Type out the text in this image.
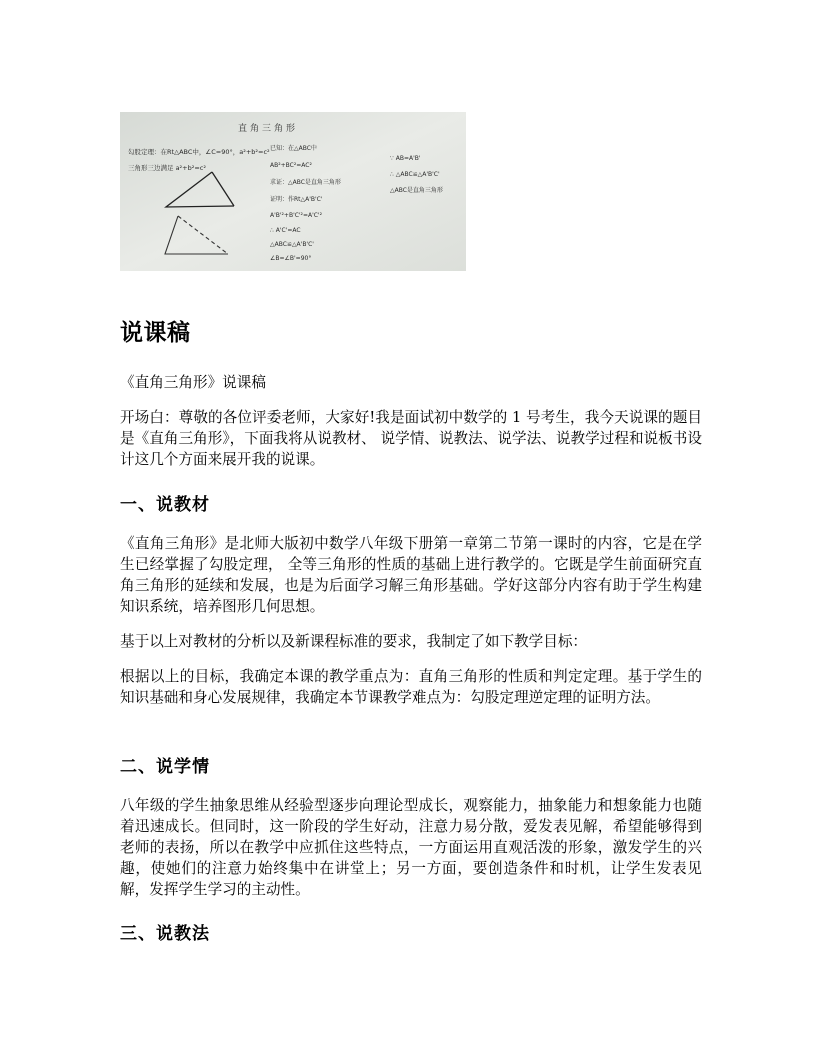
直角三角形
勾股定理：在Rt△ABC中，∠C=90°，a²+b²=c²
三角形三边满足 a²+b²=c²
已知：在△ABC中
AB²+BC²=AC²
求证：△ABC是直角三角形
证明：作Rt△A'B'C'
A'B'²+B'C'²=A'C'²
∴ A'C'=AC
△ABC≌△A'B'C'
∠B=∠B'=90°
∵ AB=A'B'
∴ △ABC≌△A'B'C'
△ABC是直角三角形
说课稿

《直角三角形》说课稿

开场白：尊敬的各位评委老师，大家好!我是面试初中数学的 1 号考生，我今天说课的题目是《直角三角形》，下面我将从说教材、 说学情、说教法、说学法、说教学过程和说板书设计这几个方面来展开我的说课。

一、说教材

《直角三角形》是北师大版初中数学八年级下册第一章第二节第一课时的内容，它是在学生已经掌握了勾股定理， 全等三角形的性质的基础上进行教学的。它既是学生前面研究直角三角形的延续和发展，也是为后面学习解三角形基础。学好这部分内容有助于学生构建知识系统，培养图形几何思想。

基于以上对教材的分析以及新课程标准的要求，我制定了如下教学目标：

根据以上的目标，我确定本课的教学重点为：直角三角形的性质和判定定理。基于学生的知识基础和身心发展规律，我确定本节课教学难点为：勾股定理逆定理的证明方法。

二、说学情

八年级的学生抽象思维从经验型逐步向理论型成长，观察能力，抽象能力和想象能力也随着迅速成长。但同时，这一阶段的学生好动，注意力易分散，爱发表见解，希望能够得到老师的表扬，所以在教学中应抓住这些特点，一方面运用直观活泼的形象，激发学生的兴趣，使她们的注意力始终集中在讲堂上；另一方面，要创造条件和时机，让学生发表见解，发挥学生学习的主动性。

三、说教法
